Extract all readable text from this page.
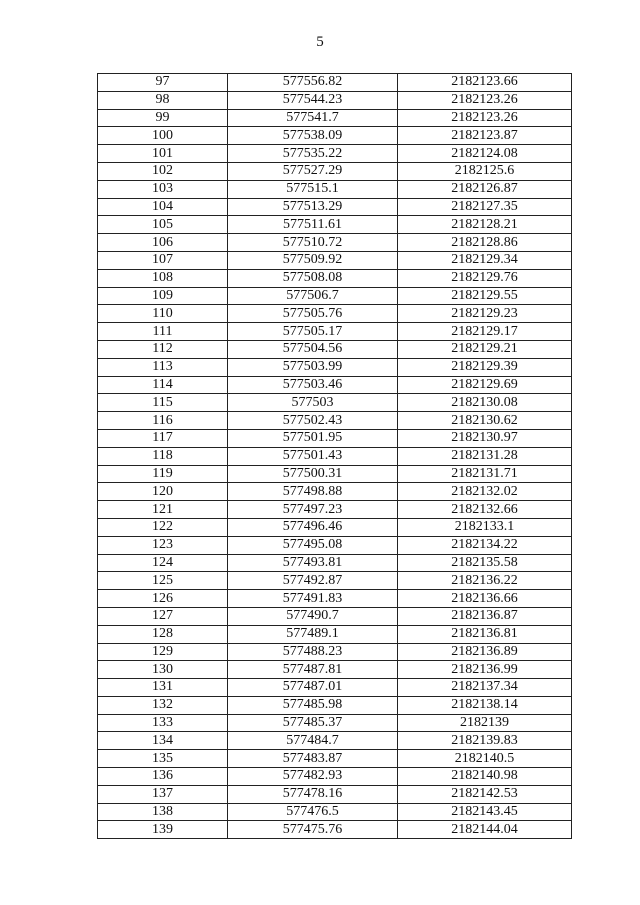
5
97	577556.82	2182123.66
98	577544.23	2182123.26
99	577541.7	2182123.26
100	577538.09	2182123.87
101	577535.22	2182124.08
102	577527.29	2182125.6
103	577515.1	2182126.87
104	577513.29	2182127.35
105	577511.61	2182128.21
106	577510.72	2182128.86
107	577509.92	2182129.34
108	577508.08	2182129.76
109	577506.7	2182129.55
110	577505.76	2182129.23
111	577505.17	2182129.17
112	577504.56	2182129.21
113	577503.99	2182129.39
114	577503.46	2182129.69
115	577503	2182130.08
116	577502.43	2182130.62
117	577501.95	2182130.97
118	577501.43	2182131.28
119	577500.31	2182131.71
120	577498.88	2182132.02
121	577497.23	2182132.66
122	577496.46	2182133.1
123	577495.08	2182134.22
124	577493.81	2182135.58
125	577492.87	2182136.22
126	577491.83	2182136.66
127	577490.7	2182136.87
128	577489.1	2182136.81
129	577488.23	2182136.89
130	577487.81	2182136.99
131	577487.01	2182137.34
132	577485.98	2182138.14
133	577485.37	2182139
134	577484.7	2182139.83
135	577483.87	2182140.5
136	577482.93	2182140.98
137	577478.16	2182142.53
138	577476.5	2182143.45
139	577475.76	2182144.04
